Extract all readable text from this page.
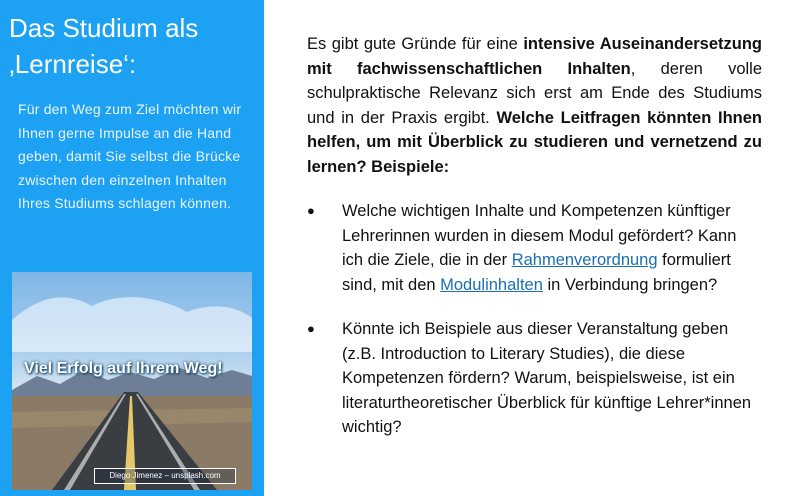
Das Studium als ‚Lernreise‘:

Für den Weg zum Ziel möchten wir Ihnen gerne Impulse an die Hand geben, damit Sie selbst die Brücke zwischen den einzelnen Inhalten Ihres Studiums schlagen können.

Viel Erfolg auf Ihrem Weg!

Diego Jimenez – unsplash.com

Es gibt gute Gründe für eine intensive Auseinandersetzung mit fachwissenschaftlichen Inhalten, deren volle schulpraktische Relevanz sich erst am Ende des Studiums und in der Praxis ergibt. Welche Leitfragen könnten Ihnen helfen, um mit Überblick zu studieren und vernetzend zu lernen? Beispiele:

● Welche wichtigen Inhalte und Kompetenzen künftiger Lehrerinnen wurden in diesem Modul gefördert? Kann ich die Ziele, die in der Rahmenverordnung formuliert sind, mit den Modulinhalten in Verbindung bringen?
● Könnte ich Beispiele aus dieser Veranstaltung geben (z.B. Introduction to Literary Studies), die diese Kompetenzen fördern? Warum, beispielsweise, ist ein literaturtheoretischer Überblick für künftige Lehrer*innen wichtig?
